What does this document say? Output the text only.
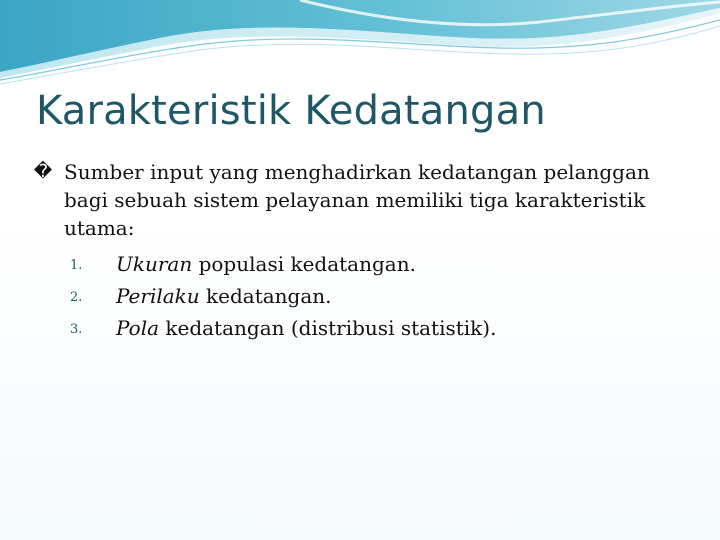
Karakteristik Kedatangan
� Sumber input yang menghadirkan kedatangan pelanggan bagi sebuah sistem pelayanan memiliki tiga karakteristik utama:
1. Ukuran populasi kedatangan.
2. Perilaku kedatangan.
3. Pola kedatangan (distribusi statistik).
